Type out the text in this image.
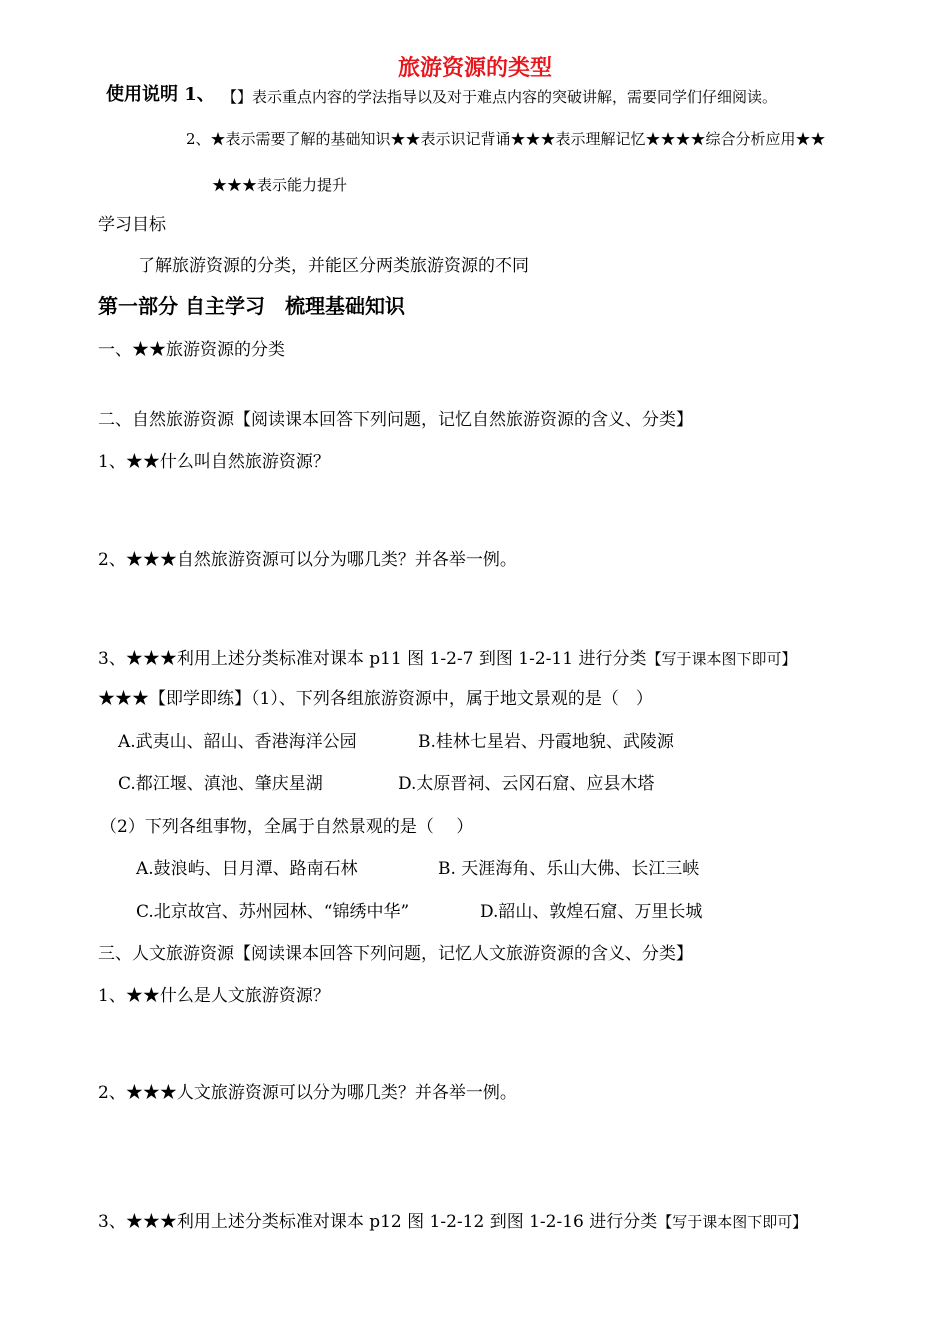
旅游资源的类型
使用说明 1、 【】表示重点内容的学法指导以及对于难点内容的突破讲解，需要同学们仔细阅读。
2、★表示需要了解的基础知识★★表示识记背诵★★★表示理解记忆★★★★综合分析应用★★
★★★表示能力提升
学习目标
了解旅游资源的分类，并能区分两类旅游资源的不同
第一部分 自主学习　梳理基础知识
一、★★旅游资源的分类
二、自然旅游资源【阅读课本回答下列问题，记忆自然旅游资源的含义、分类】
1、★★什么叫自然旅游资源？
2、★★★自然旅游资源可以分为哪几类？并各举一例。
3、★★★利用上述分类标准对课本 p11 图 1-2-7 到图 1-2-11 进行分类【写于课本图下即可】
★★★【即学即练】（1）、下列各组旅游资源中，属于地文景观的是（　）
A.武夷山、韶山、香港海洋公园	B.桂林七星岩、丹霞地貌、武陵源
C.都江堰、滇池、肇庆星湖	D.太原晋祠、云冈石窟、应县木塔
（2）下列各组事物，全属于自然景观的是（　 ）
A.鼓浪屿、日月潭、路南石林	B. 天涯海角、乐山大佛、长江三峡
C.北京故宫、苏州园林、“锦绣中华”	D.韶山、敦煌石窟、万里长城
三、人文旅游资源【阅读课本回答下列问题，记忆人文旅游资源的含义、分类】
1、★★什么是人文旅游资源？
2、★★★人文旅游资源可以分为哪几类？并各举一例。
3、★★★利用上述分类标准对课本 p12 图 1-2-12 到图 1-2-16 进行分类【写于课本图下即可】
